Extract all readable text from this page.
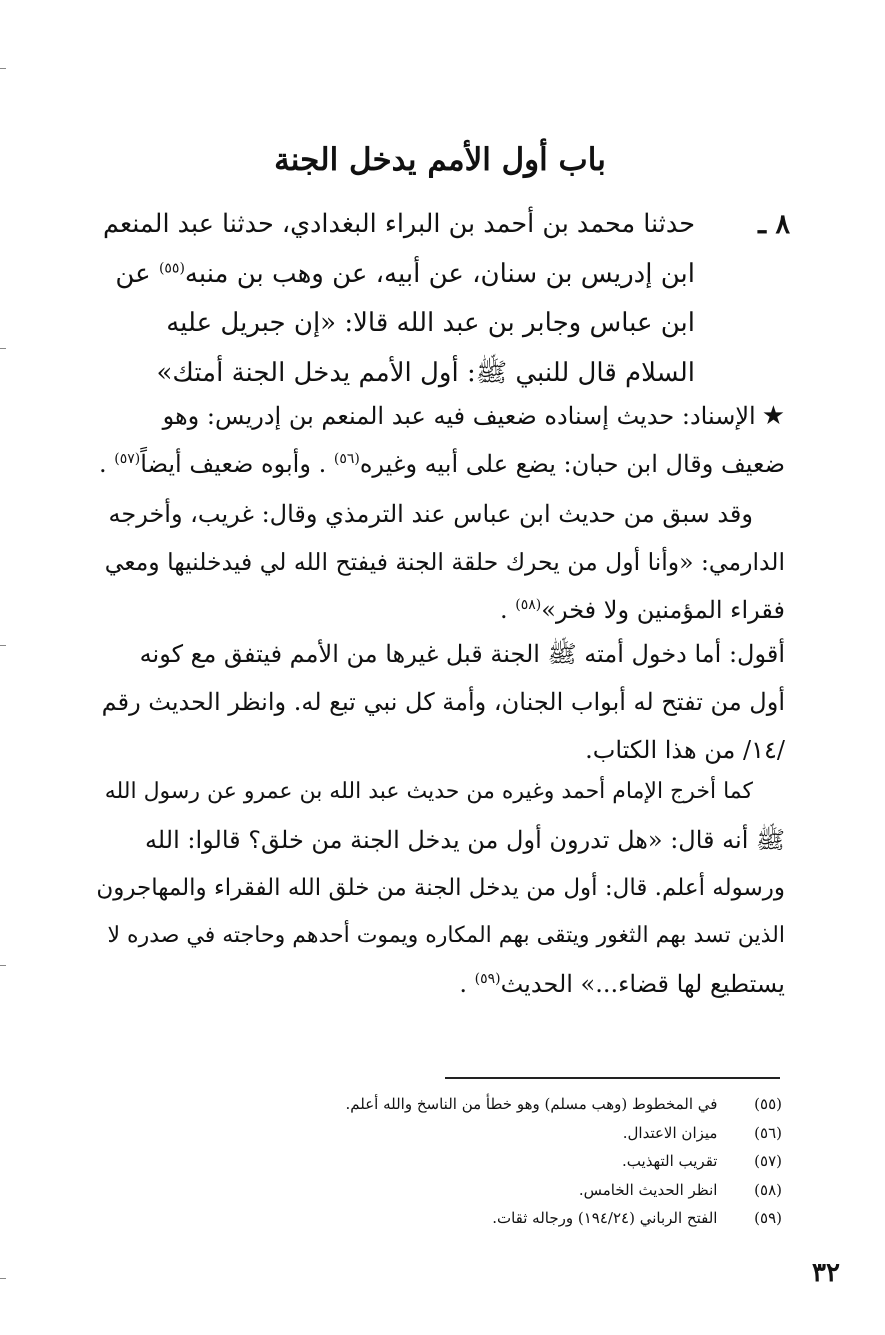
باب أول الأمم يدخل الجنة
٨ ـ
حدثنا محمد بن أحمد بن البراء البغدادي، حدثنا عبد المنعم
ابن إدريس بن سنان، عن أبيه، عن وهب بن منبه$^{(٥٥)}$ عن
ابن عباس وجابر بن عبد الله قالا: «إن جبريل عليه
السلام قال للنبي ﷺ: أول الأمم يدخل الجنة أمتك»
★الإسناد: حديث إسناده ضعيف فيه عبد المنعم بن إدريس: وهو
ضعيف وقال ابن حبان: يضع على أبيه وغيره$^{(٥٦)}$ . وأبوه ضعيف أيضاً$^{(٥٧)}$ .
وقد سبق من حديث ابن عباس عند الترمذي وقال: غريب، وأخرجه
الدارمي: «وأنا أول من يحرك حلقة الجنة فيفتح الله لي فيدخلنيها ومعي
فقراء المؤمنين ولا فخر»$^{(٥٨)}$ .
أقول: أما دخول أمته ﷺ الجنة قبل غيرها من الأمم فيتفق مع كونه
أول من تفتح له أبواب الجنان، وأمة كل نبي تبع له. وانظر الحديث رقم
/١٤/ من هذا الكتاب.
كما أخرج الإمام أحمد وغيره من حديث عبد الله بن عمرو عن رسول الله
ﷺ أنه قال: «هل تدرون أول من يدخل الجنة من خلق؟ قالوا: الله
ورسوله أعلم. قال: أول من يدخل الجنة من خلق الله الفقراء والمهاجرون
الذين تسد بهم الثغور ويتقى بهم المكاره ويموت أحدهم وحاجته في صدره لا
يستطيع لها قضاء...» الحديث$^{(٥٩)}$ .
(٥٥)  في المخطوط (وهب مسلم) وهو خطأ من الناسخ والله أعلم.
(٥٦)  ميزان الاعتدال.
(٥٧)  تقريب التهذيب.
(٥٨)  انظر الحديث الخامس.
(٥٩)  الفتح الرباني (١٩٤/٢٤) ورجاله ثقات.
٣٢
